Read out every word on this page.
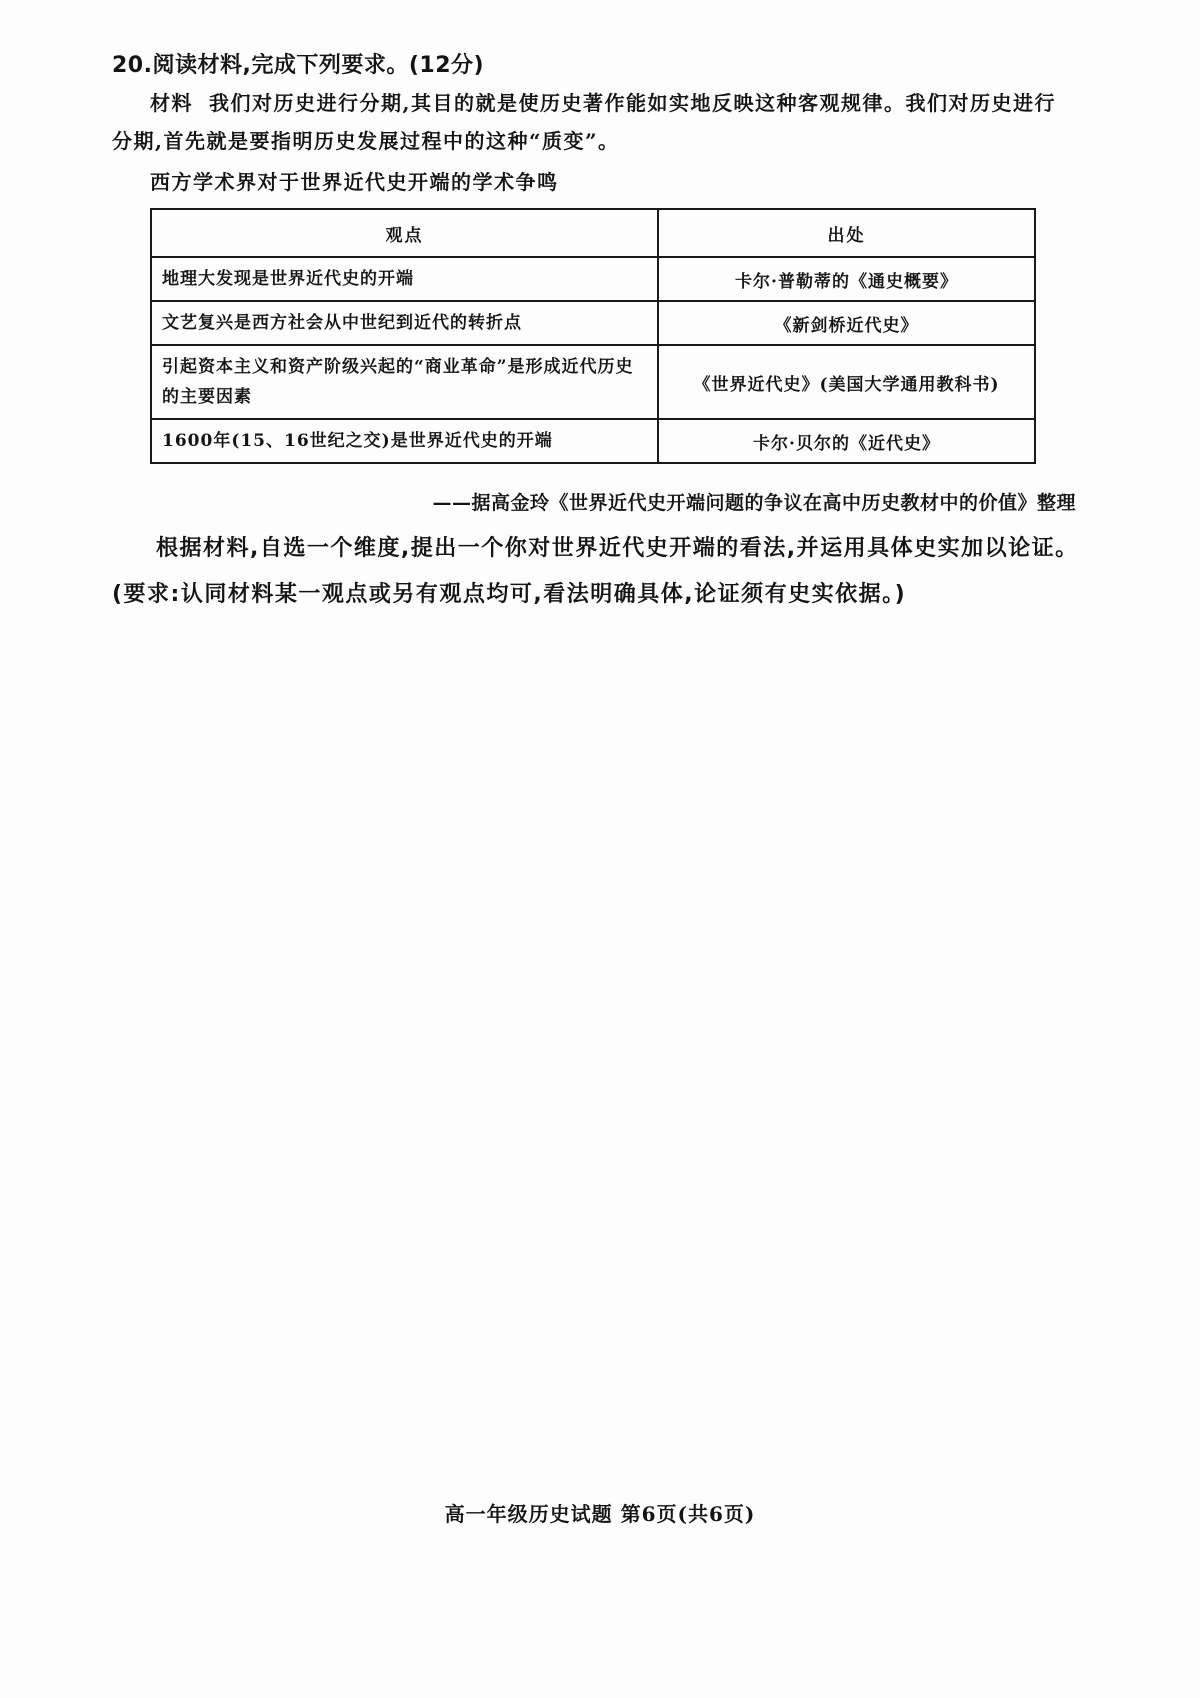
20.阅读材料,完成下列要求。(12分)
材料 我们对历史进行分期,其目的就是使历史著作能如实地反映这种客观规律。我们对历史进行分期,首先就是要指明历史发展过程中的这种“质变”。
西方学术界对于世界近代史开端的学术争鸣
观点	出处
地理大发现是世界近代史的开端	卡尔·普勒蒂的《通史概要》
文艺复兴是西方社会从中世纪到近代的转折点	《新剑桥近代史》
引起资本主义和资产阶级兴起的“商业革命”是形成近代历史的主要因素	《世界近代史》(美国大学通用教科书)
1600年(15、16世纪之交)是世界近代史的开端	卡尔·贝尔的《近代史》
——据高金玲《世界近代史开端问题的争议在高中历史教材中的价值》整理
根据材料,自选一个维度,提出一个你对世界近代史开端的看法,并运用具体史实加以论证。(要求:认同材料某一观点或另有观点均可,看法明确具体,论证须有史实依据。)
高一年级历史试题 第6页(共6页)
